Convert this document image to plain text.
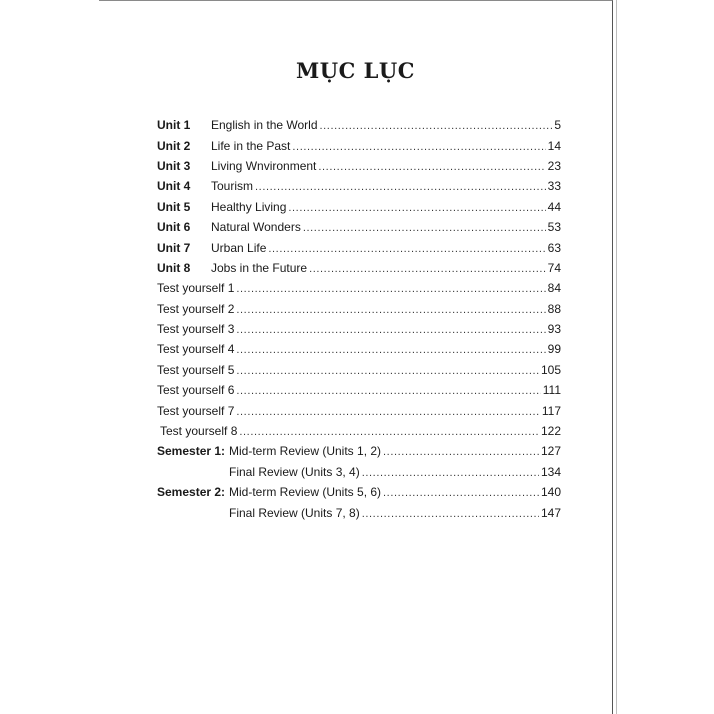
MỤC LỤC
Unit 1	English in the World .....	5
Unit 2	Life in the Past .....	14
Unit 3	Living Wnvironment .....	23
Unit 4	Tourism .....	33
Unit 5	Healthy Living .....	44
Unit 6	Natural Wonders .....	53
Unit 7	Urban Life .....	63
Unit 8	Jobs in the Future .....	74
Test yourself 1 .....	84
Test yourself 2 .....	88
Test yourself 3 .....	93
Test yourself 4 .....	99
Test yourself 5 .....	105
Test yourself 6 .....	111
Test yourself 7 .....	117
Test yourself 8 .....	122
Semester 1: Mid-term Review (Units 1, 2) .....	127
Final Review (Units 3, 4) .....	134
Semester 2: Mid-term Review (Units 5, 6) .....	140
Final Review (Units 7, 8) .....	147
